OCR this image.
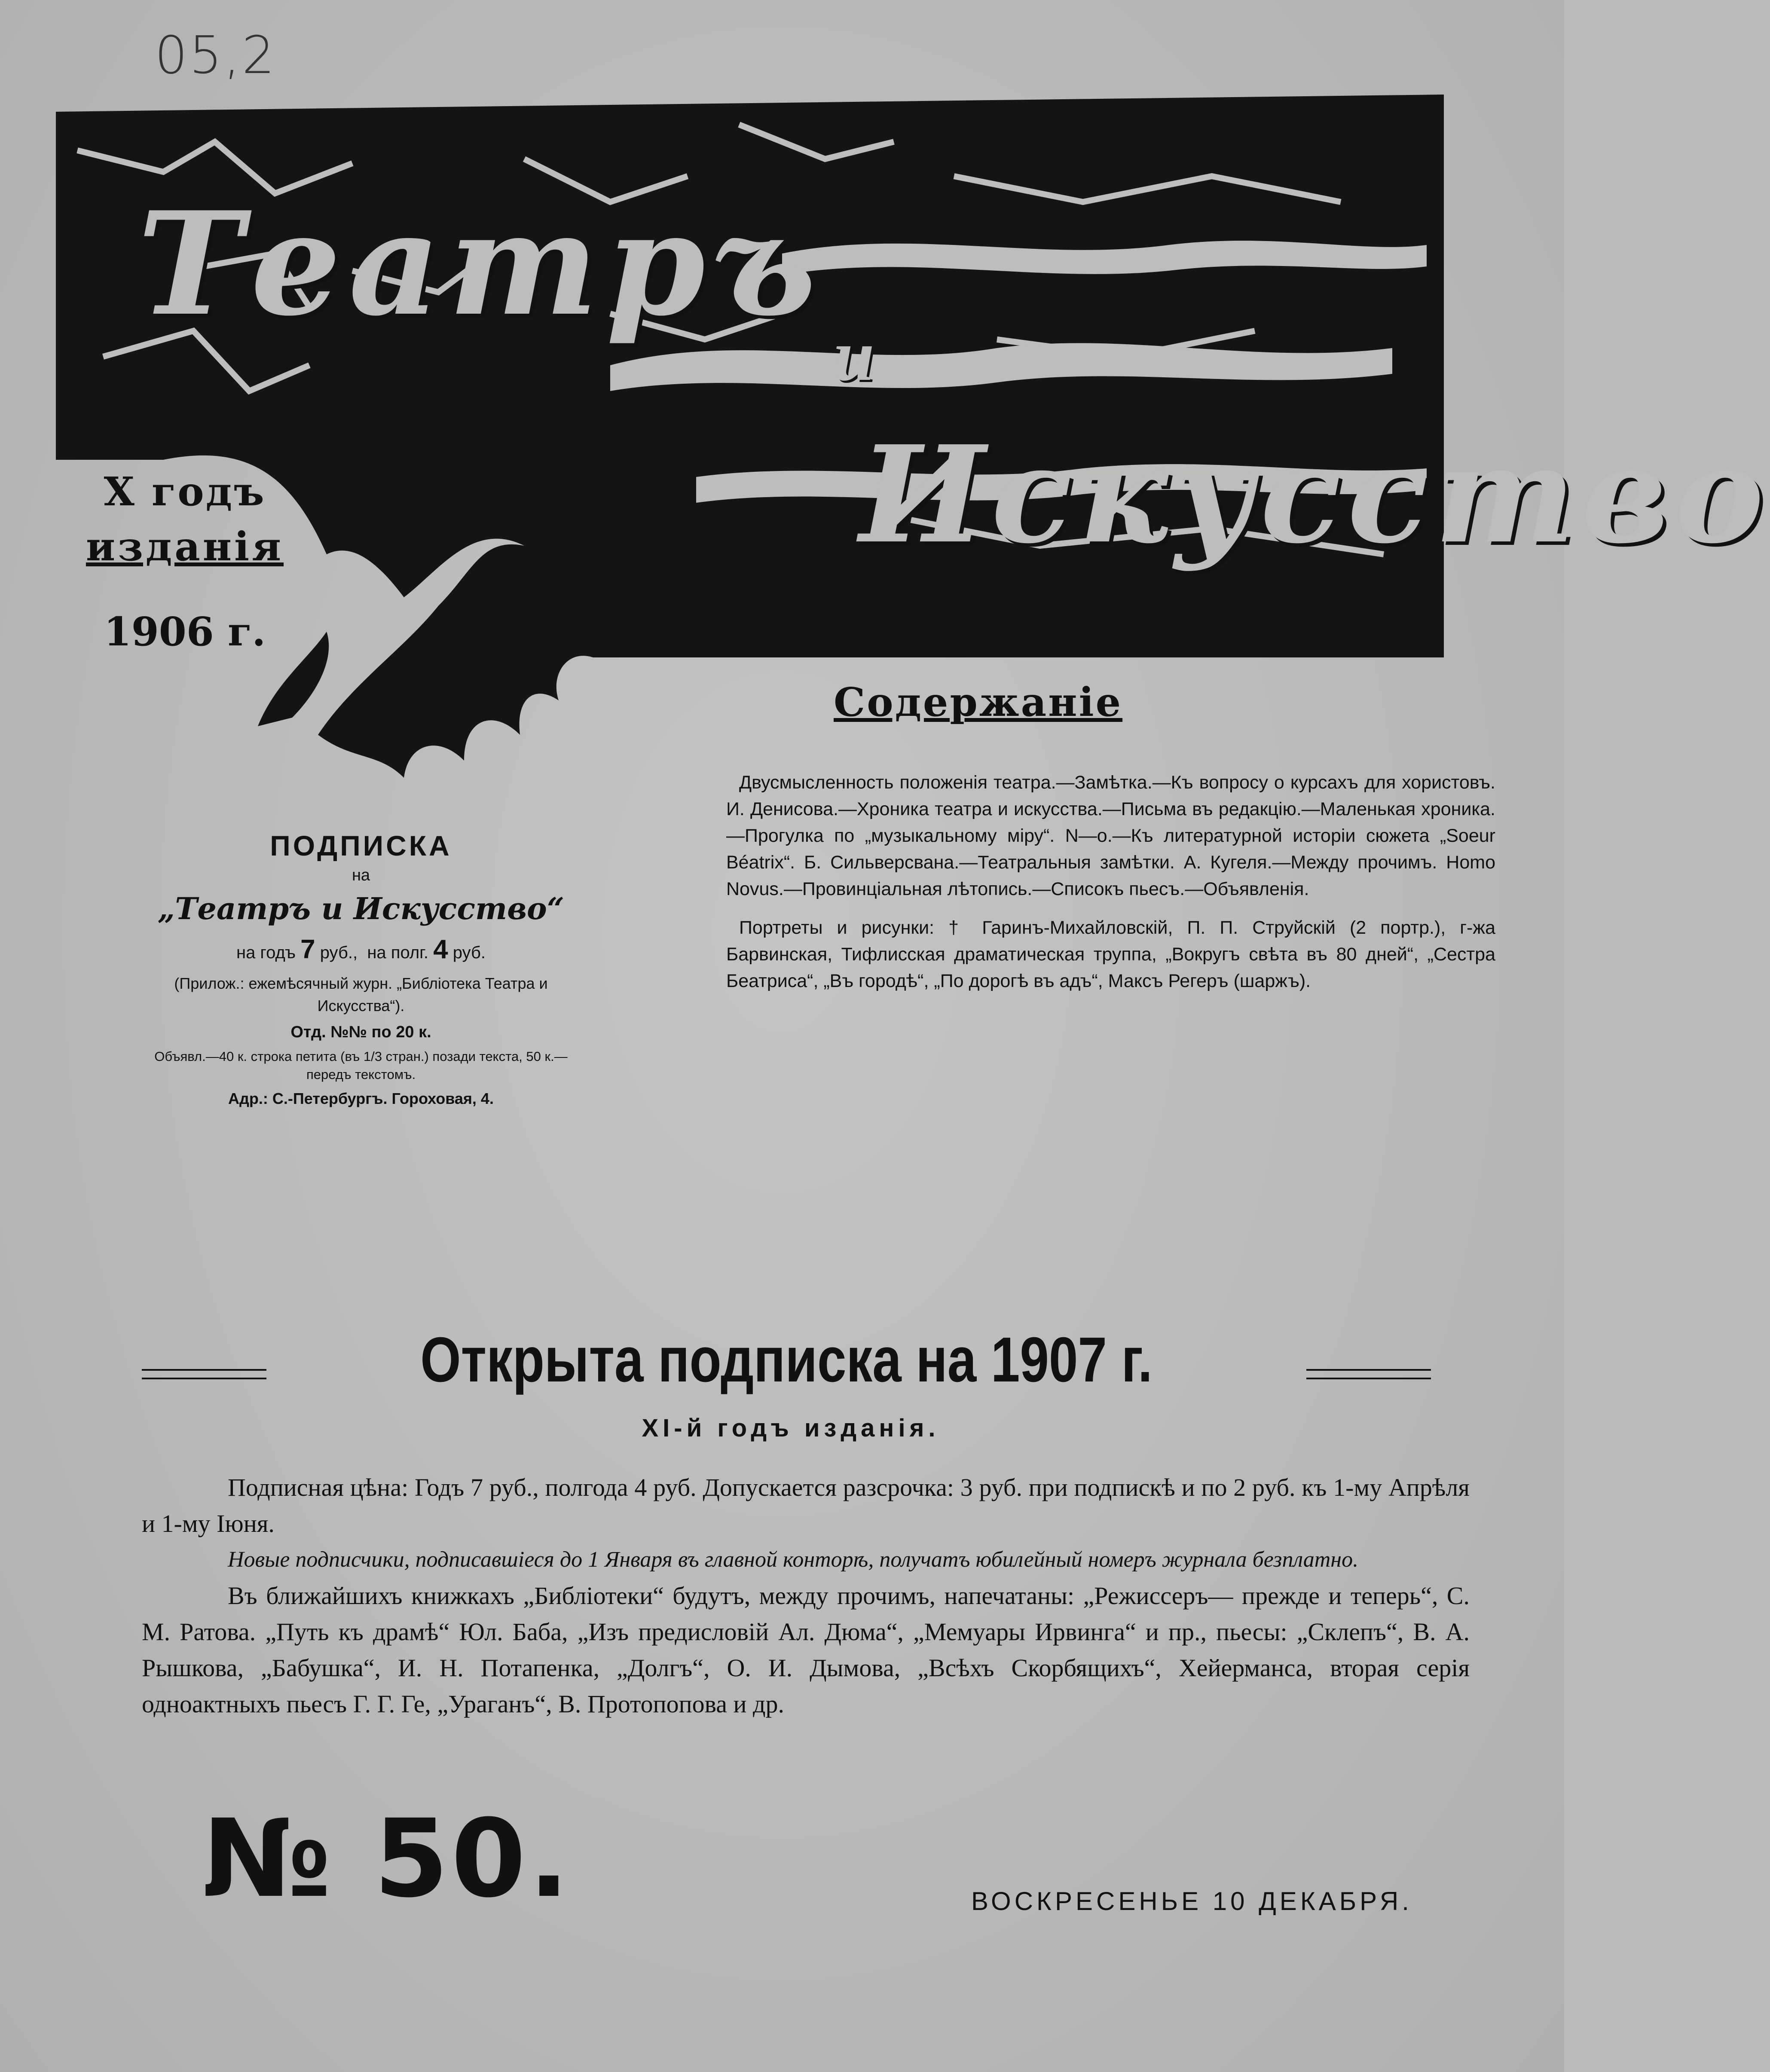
05,2
Театръ
и
Искусство
X годъ
изданія
1906 г.
Содержаніе
ПОДПИСКА
на
„Театръ и Искусство“
на годъ 7 руб., на полг. 4 руб.
(Прилож.: ежемѣсячный журн. „Библіотека Театра и Искусства“).
Отд. №№ по 20 к.
Объявл.—40 к. строка петита (въ 1/3 стран.) позади текста, 50 к.—передъ текстомъ.
Адр.: С.-Петербургъ. Гороховая, 4.

Двусмысленность положенія театра.—Замѣтка.—Къ вопросу о курсахъ для хористовъ. И. Денисова.—Хроника театра и искусства.—Письма въ редакцію.—Маленькая хроника.—Прогулка по „музыкальному міру“. N—о.—Къ литературной исторіи сюжета „Soeur Béatrix“. Б. Сильверсвана.—Театральныя замѣтки. А. Кугеля.—Между прочимъ. Homo Novus.—Провинціальная лѣтопись.—Списокъ пьесъ.—Объявленія.

Портреты и рисунки: † Гаринъ-Михайловскій, П. П. Струйскій (2 портр.), г-жа Барвинская, Тифлисская драматическая труппа, „Вокругъ свѣта въ 80 дней“, „Сестра Беатриса“, „Въ городѣ“, „По дорогѣ въ адъ“, Максъ Регеръ (шаржъ).

Открыта подписка на 1907 г.
XI-й годъ изданія.

Подписная цѣна: Годъ 7 руб., полгода 4 руб. Допускается разсрочка: 3 руб. при подпискѣ и по 2 руб. къ 1-му Апрѣля и 1-му Іюня.

Новые подписчики, подписавшіеся до 1 Января въ главной конторѣ, получатъ юбилейный номеръ журнала безплатно.

Въ ближайшихъ книжкахъ „Библіотеки“ будутъ, между прочимъ, напечатаны: „Режиссеръ— прежде и теперь“, С. М. Ратова. „Путь къ драмѣ“ Юл. Баба, „Изъ предисловій Ал. Дюма“, „Мемуары Ирвинга“ и пр., пьесы: „Склепъ“, В. А. Рышкова, „Бабушка“, И. Н. Потапенка, „Долгъ“, О. И. Дымова, „Всѣхъ Скорбящихъ“, Хейерманса, вторая серія одноактныхъ пьесъ Г. Г. Ге, „Ураганъ“, В. Протопопова и др.

№ 50.	ВОСКРЕСЕНЬЕ 10 ДЕКАБРЯ.
